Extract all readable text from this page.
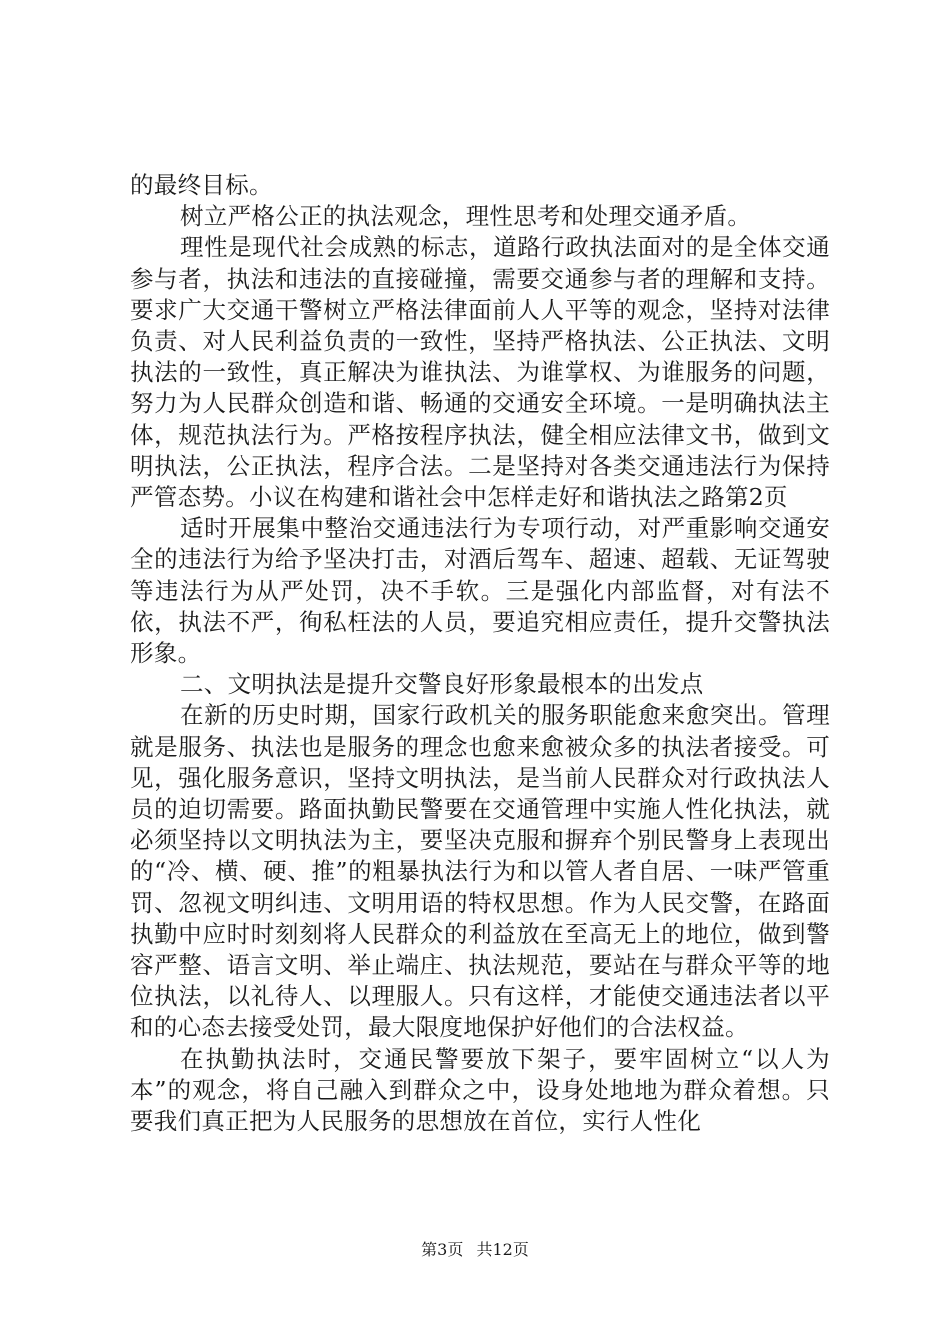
的最终目标。

树立严格公正的执法观念，理性思考和处理交通矛盾。

理性是现代社会成熟的标志，道路行政执法面对的是全体交通参与者，执法和违法的直接碰撞，需要交通参与者的理解和支持。要求广大交通干警树立严格法律面前人人平等的观念，坚持对法律负责、对人民利益负责的一致性，坚持严格执法、公正执法、文明执法的一致性，真正解决为谁执法、为谁掌权、为谁服务的问题，努力为人民群众创造和谐、畅通的交通安全环境。一是明确执法主体，规范执法行为。严格按程序执法，健全相应法律文书，做到文明执法，公正执法，程序合法。二是坚持对各类交通违法行为保持严管态势。小议在构建和谐社会中怎样走好和谐执法之路第2页

适时开展集中整治交通违法行为专项行动，对严重影响交通安全的违法行为给予坚决打击，对酒后驾车、超速、超载、无证驾驶等违法行为从严处罚，决不手软。三是强化内部监督，对有法不依，执法不严，徇私枉法的人员，要追究相应责任，提升交警执法形象。

二、文明执法是提升交警良好形象最根本的出发点

在新的历史时期，国家行政机关的服务职能愈来愈突出。管理就是服务、执法也是服务的理念也愈来愈被众多的执法者接受。可见，强化服务意识，坚持文明执法，是当前人民群众对行政执法人员的迫切需要。路面执勤民警要在交通管理中实施人性化执法，就必须坚持以文明执法为主，要坚决克服和摒弃个别民警身上表现出的“冷、横、硬、推”的粗暴执法行为和以管人者自居、一味严管重罚、忽视文明纠违、文明用语的特权思想。作为人民交警，在路面执勤中应时时刻刻将人民群众的利益放在至高无上的地位，做到警容严整、语言文明、举止端庄、执法规范，要站在与群众平等的地位执法，以礼待人、以理服人。只有这样，才能使交通违法者以平和的心态去接受处罚，最大限度地保护好他们的合法权益。

在执勤执法时，交通民警要放下架子，要牢固树立“以人为本”的观念，将自己融入到群众之中，设身处地地为群众着想。只要我们真正把为人民服务的思想放在首位，实行人性化

第3页 共12页
